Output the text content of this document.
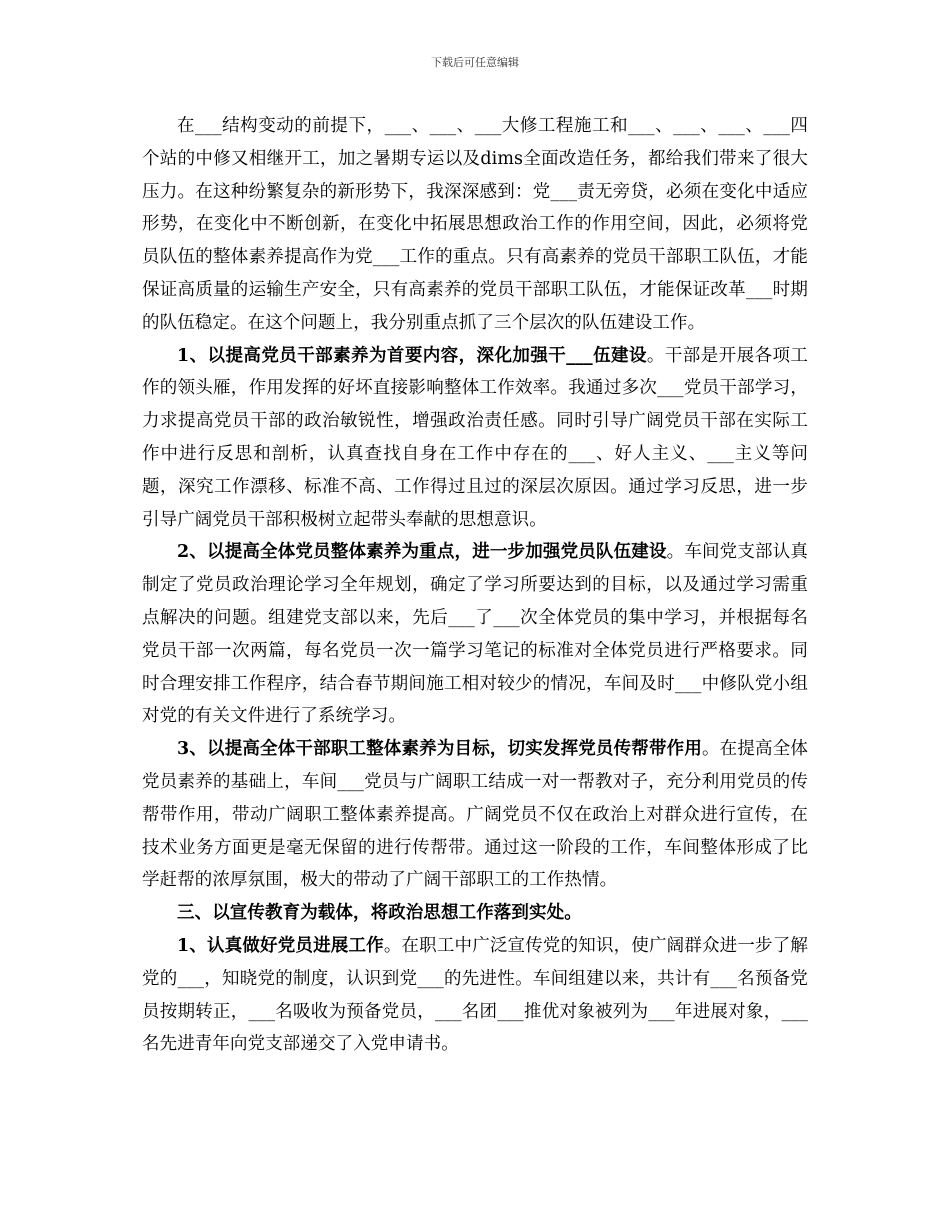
下载后可任意编辑

在___结构变动的前提下，___、___、___大修工程施工和___、___、___、___四个站的中修又相继开工，加之暑期专运以及dims全面改造任务，都给我们带来了很大压力。在这种纷繁复杂的新形势下，我深深感到：党___责无旁贷，必须在变化中适应形势，在变化中不断创新，在变化中拓展思想政治工作的作用空间，因此，必须将党员队伍的整体素养提高作为党___工作的重点。只有高素养的党员干部职工队伍，才能保证高质量的运输生产安全，只有高素养的党员干部职工队伍，才能保证改革___时期的队伍稳定。在这个问题上，我分别重点抓了三个层次的队伍建设工作。

1、以提高党员干部素养为首要内容，深化加强干___伍建设。干部是开展各项工作的领头雁，作用发挥的好坏直接影响整体工作效率。我通过多次___党员干部学习，力求提高党员干部的政治敏锐性，增强政治责任感。同时引导广阔党员干部在实际工作中进行反思和剖析，认真查找自身在工作中存在的___、好人主义、___主义等问题，深究工作漂移、标准不高、工作得过且过的深层次原因。通过学习反思，进一步引导广阔党员干部积极树立起带头奉献的思想意识。

2、以提高全体党员整体素养为重点，进一步加强党员队伍建设。车间党支部认真制定了党员政治理论学习全年规划，确定了学习所要达到的目标，以及通过学习需重点解决的问题。组建党支部以来，先后___了___次全体党员的集中学习，并根据每名党员干部一次两篇，每名党员一次一篇学习笔记的标准对全体党员进行严格要求。同时合理安排工作程序，结合春节期间施工相对较少的情况，车间及时___中修队党小组对党的有关文件进行了系统学习。

3、以提高全体干部职工整体素养为目标，切实发挥党员传帮带作用。在提高全体党员素养的基础上，车间___党员与广阔职工结成一对一帮教对子，充分利用党员的传帮带作用，带动广阔职工整体素养提高。广阔党员不仅在政治上对群众进行宣传，在技术业务方面更是毫无保留的进行传帮带。通过这一阶段的工作，车间整体形成了比学赶帮的浓厚氛围，极大的带动了广阔干部职工的工作热情。

三、以宣传教育为载体，将政治思想工作落到实处。

1、认真做好党员进展工作。在职工中广泛宣传党的知识，使广阔群众进一步了解党的___，知晓党的制度，认识到党___的先进性。车间组建以来，共计有___名预备党员按期转正，___名吸收为预备党员，___名团___推优对象被列为___年进展对象，___名先进青年向党支部递交了入党申请书。
